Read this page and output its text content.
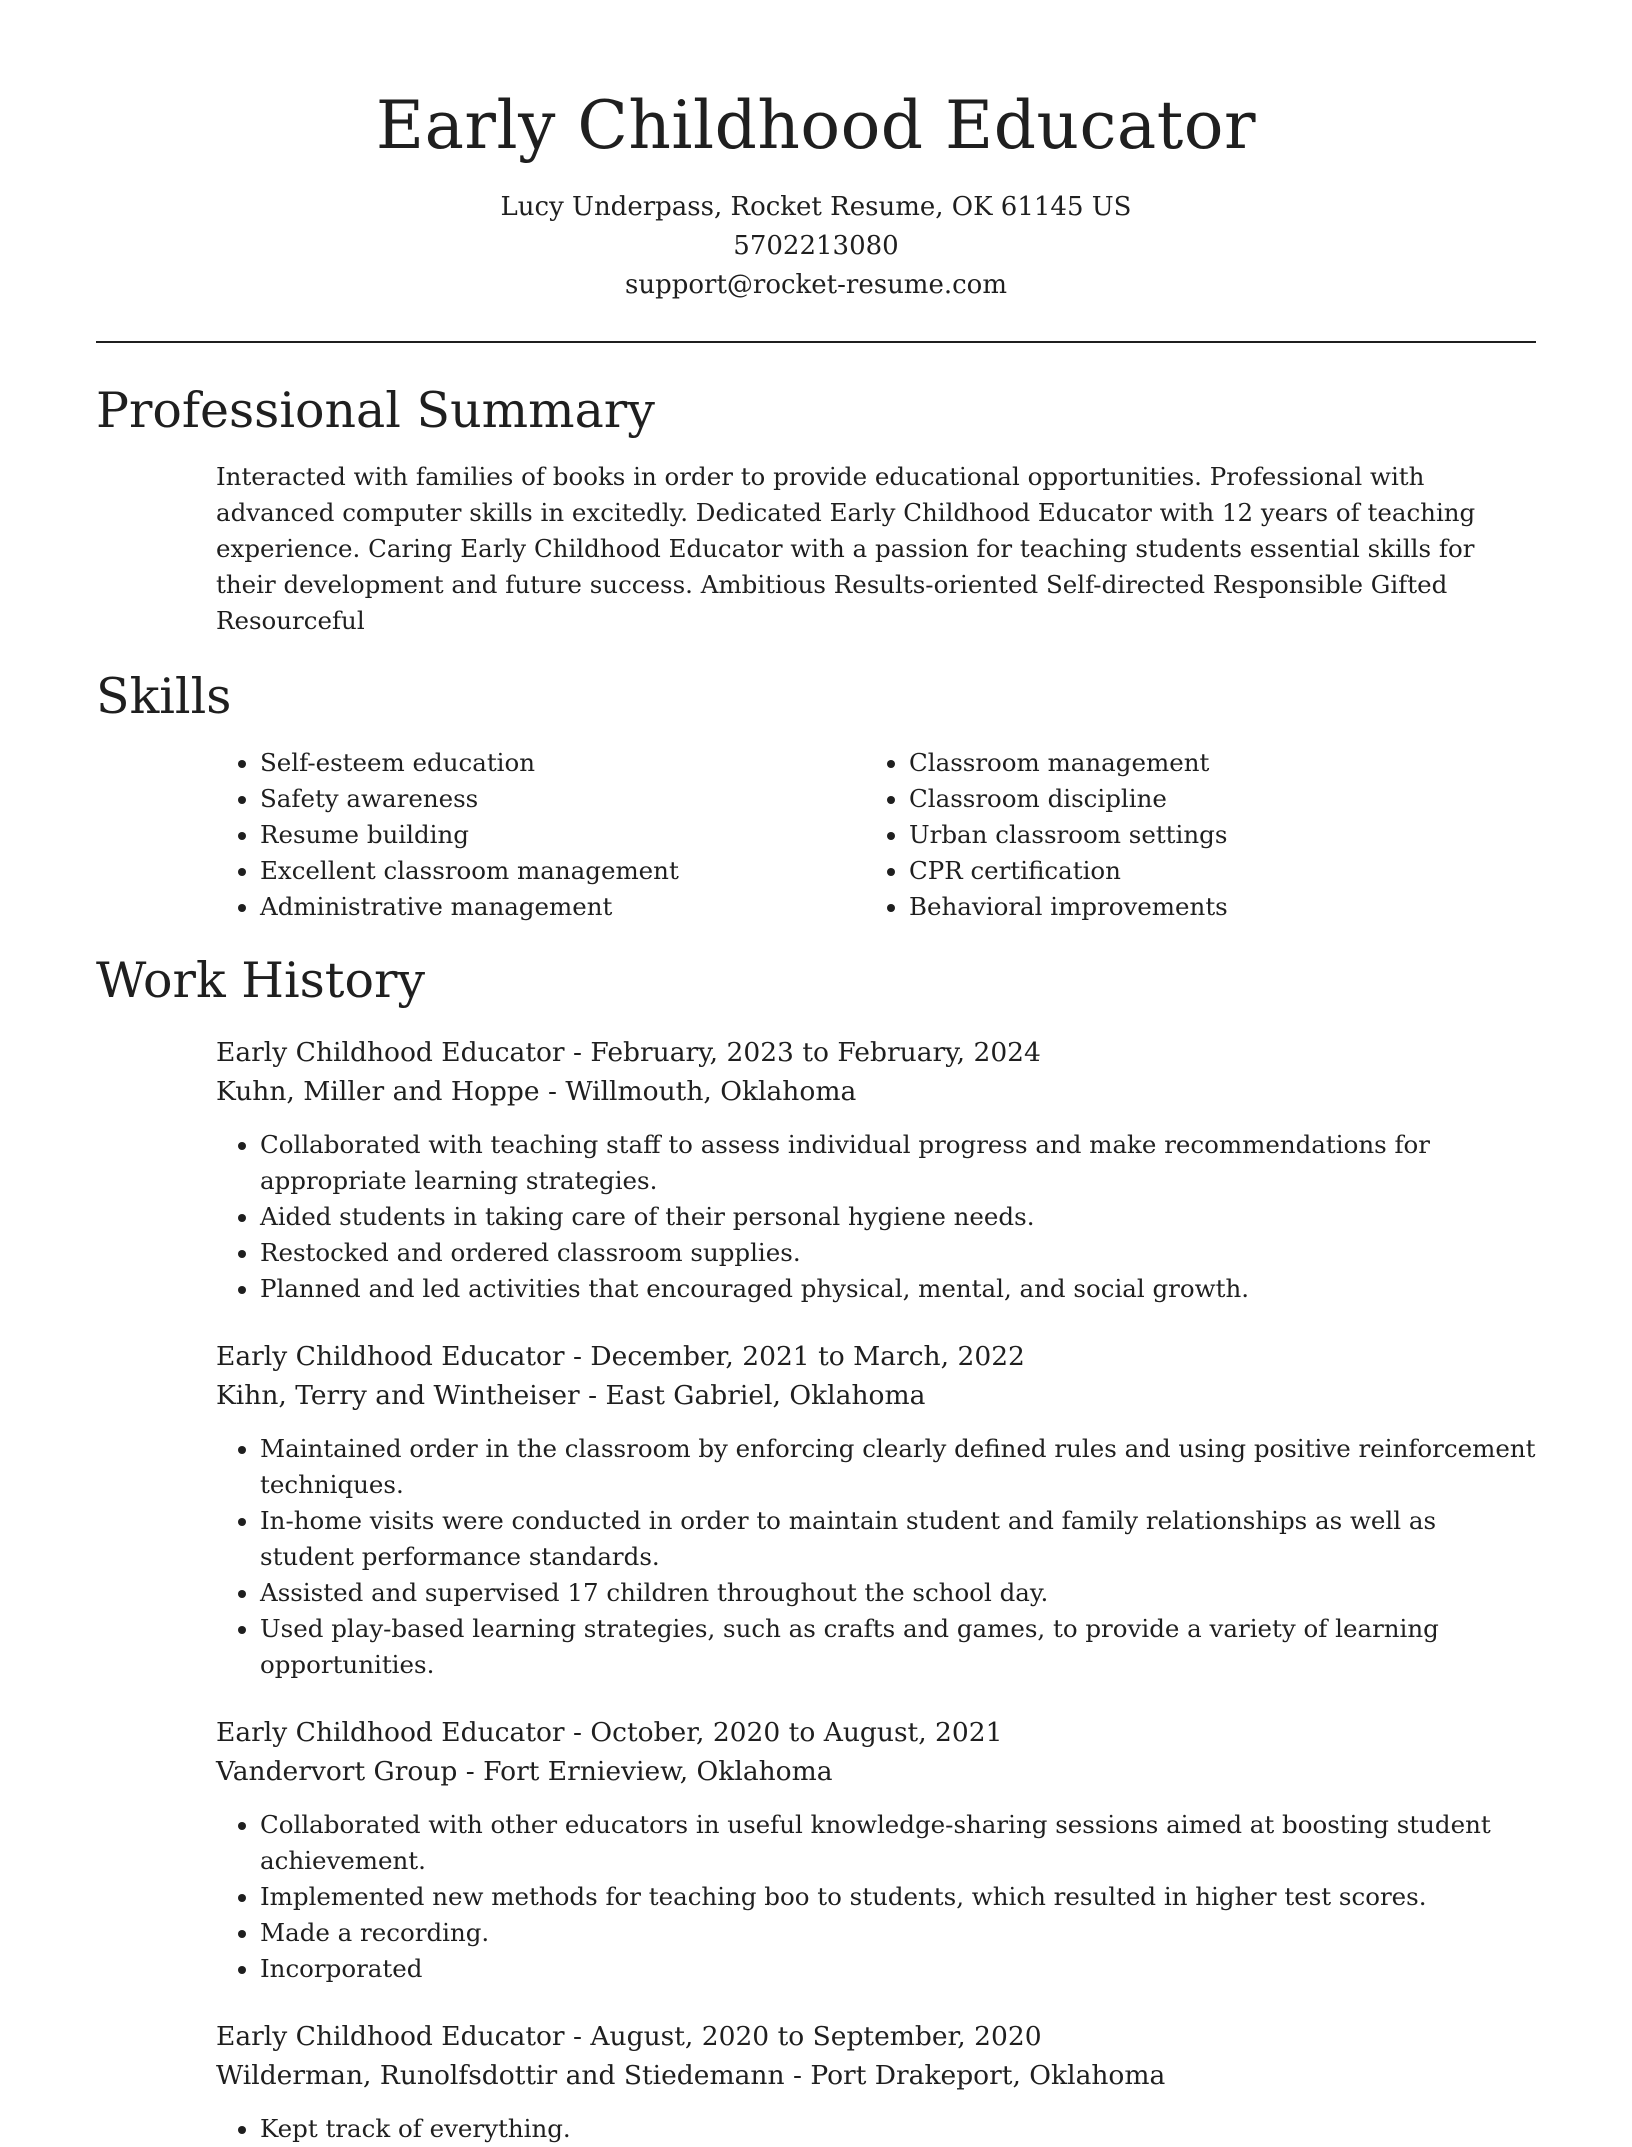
Early Childhood Educator
Lucy Underpass, Rocket Resume, OK 61145 US
5702213080
support@rocket-resume.com
Professional Summary
Interacted with families of books in order to provide educational opportunities. Professional with advanced computer skills in excitedly. Dedicated Early Childhood Educator with 12 years of teaching experience. Caring Early Childhood Educator with a passion for teaching students essential skills for their development and future success. Ambitious Results-oriented Self-directed Responsible Gifted Resourceful
Skills
• Self-esteem education
• Safety awareness
• Resume building
• Excellent classroom management
• Administrative management
• Classroom management
• Classroom discipline
• Urban classroom settings
• CPR certification
• Behavioral improvements
Work History
Early Childhood Educator - February, 2023 to February, 2024
Kuhn, Miller and Hoppe - Willmouth, Oklahoma
• Collaborated with teaching staff to assess individual progress and make recommendations for appropriate learning strategies.
• Aided students in taking care of their personal hygiene needs.
• Restocked and ordered classroom supplies.
• Planned and led activities that encouraged physical, mental, and social growth.
Early Childhood Educator - December, 2021 to March, 2022
Kihn, Terry and Wintheiser - East Gabriel, Oklahoma
• Maintained order in the classroom by enforcing clearly defined rules and using positive reinforcement techniques.
• In-home visits were conducted in order to maintain student and family relationships as well as student performance standards.
• Assisted and supervised 17 children throughout the school day.
• Used play-based learning strategies, such as crafts and games, to provide a variety of learning opportunities.
Early Childhood Educator - October, 2020 to August, 2021
Vandervort Group - Fort Ernieview, Oklahoma
• Collaborated with other educators in useful knowledge-sharing sessions aimed at boosting student achievement.
• Implemented new methods for teaching boo to students, which resulted in higher test scores.
• Made a recording.
• Incorporated
Early Childhood Educator - August, 2020 to September, 2020
Wilderman, Runolfsdottir and Stiedemann - Port Drakeport, Oklahoma
• Kept track of everything.
